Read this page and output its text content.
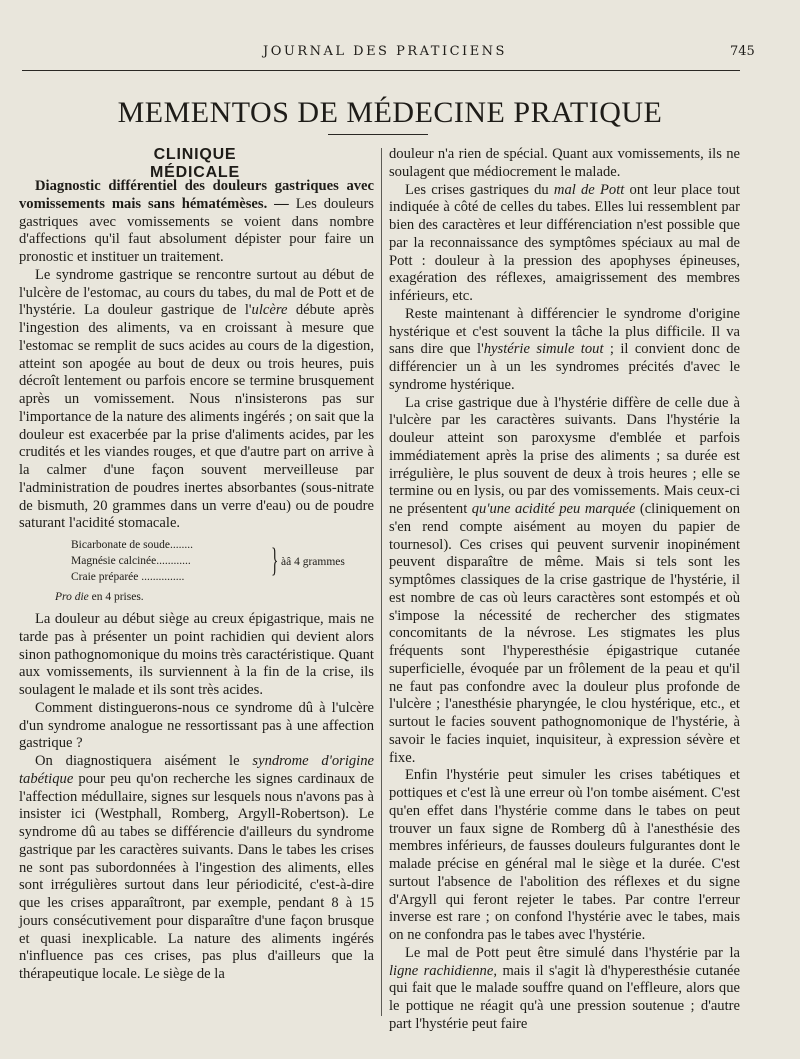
JOURNAL DES PRATICIENS	745
MEMENTOS DE MÉDECINE PRATIQUE
CLINIQUE MÉDICALE

Diagnostic différentiel des douleurs gastriques avec vomissements mais sans hématémèses. — Les douleurs gastriques avec vomissements se voient dans nombre d'affections qu'il faut absolument dépister pour faire un pronostic et instituer un traitement.

Le syndrome gastrique se rencontre surtout au début de l'ulcère de l'estomac, au cours du tabes, du mal de Pott et de l'hystérie. La douleur gastrique de l'ulcère débute après l'ingestion des aliments, va en croissant à mesure que l'estomac se remplit de sucs acides au cours de la digestion, atteint son apogée au bout de deux ou trois heures, puis décroît lentement ou parfois encore se termine brusquement après un vomissement. Nous n'insisterons pas sur l'importance de la nature des aliments ingérés ; on sait que la douleur est exacerbée par la prise d'aliments acides, par les crudités et les viandes rouges, et que d'autre part on arrive à la calmer d'une façon souvent merveilleuse par l'administration de poudres inertes absorbantes (sous-nitrate de bismuth, 20 grammes dans un verre d'eau) ou de poudre saturant l'acidité stomacale.

Bicarbonate de soude........
Magnésie calcinée............
Craie préparée ...............	} àâ 4 grammes
Pro die en 4 prises.

La douleur au début siège au creux épigastrique, mais ne tarde pas à présenter un point rachidien qui devient alors sinon pathognomonique du moins très caractéristique. Quant aux vomissements, ils surviennent à la fin de la crise, ils soulagent le malade et ils sont très acides.

Comment distinguerons-nous ce syndrome dû à l'ulcère d'un syndrome analogue ne ressortissant pas à une affection gastrique ?

On diagnostiquera aisément le syndrome d'origine tabétique pour peu qu'on recherche les signes cardinaux de l'affection médullaire, signes sur lesquels nous n'avons pas à insister ici (Westphall, Romberg, Argyll-Robertson). Le syndrome dû au tabes se différencie d'ailleurs du syndrome gastrique par les caractères suivants. Dans le tabes les crises ne sont pas subordonnées à l'ingestion des aliments, elles sont irrégulières surtout dans leur périodicité, c'est-à-dire que les crises apparaîtront, par exemple, pendant 8 à 15 jours consécutivement pour disparaître d'une façon brusque et quasi inexplicable. La nature des aliments ingérés n'influence pas ces crises, pas plus d'ailleurs que la thérapeutique locale. Le siège de la

douleur n'a rien de spécial. Quant aux vomissements, ils ne soulagent que médiocrement le malade.

Les crises gastriques du mal de Pott ont leur place tout indiquée à côté de celles du tabes. Elles lui ressemblent par bien des caractères et leur différenciation n'est possible que par la reconnaissance des symptômes spéciaux au mal de Pott : douleur à la pression des apophyses épineuses, exagération des réflexes, amaigrissement des membres inférieurs, etc.

Reste maintenant à différencier le syndrome d'origine hystérique et c'est souvent la tâche la plus difficile. Il va sans dire que l'hystérie simule tout ; il convient donc de différencier un à un les syndromes précités d'avec le syndrome hystérique.

La crise gastrique due à l'hystérie diffère de celle due à l'ulcère par les caractères suivants. Dans l'hystérie la douleur atteint son paroxysme d'emblée et parfois immédiatement après la prise des aliments ; sa durée est irrégulière, le plus souvent de deux à trois heures ; elle se termine ou en lysis, ou par des vomissements. Mais ceux-ci ne présentent qu'une acidité peu marquée (cliniquement on s'en rend compte aisément au moyen du papier de tournesol). Ces crises qui peuvent survenir inopinément peuvent disparaître de même. Mais si tels sont les symptômes classiques de la crise gastrique de l'hystérie, il est nombre de cas où leurs caractères sont estompés et où s'impose la nécessité de rechercher des stigmates concomitants de la névrose. Les stigmates les plus fréquents sont l'hyperesthésie épigastrique cutanée superficielle, évoquée par un frôlement de la peau et qu'il ne faut pas confondre avec la douleur plus profonde de l'ulcère ; l'anesthésie pharyngée, le clou hystérique, etc., et surtout le facies souvent pathognomonique de l'hystérie, à savoir le facies inquiet, inquisiteur, à expression sévère et fixe.

Enfin l'hystérie peut simuler les crises tabétiques et pottiques et c'est là une erreur où l'on tombe aisément. C'est qu'en effet dans l'hystérie comme dans le tabes on peut trouver un faux signe de Romberg dû à l'anesthésie des membres inférieurs, de fausses douleurs fulgurantes dont le malade précise en général mal le siège et la durée. C'est surtout l'absence de l'abolition des réflexes et du signe d'Argyll qui feront rejeter le tabes. Par contre l'erreur inverse est rare ; on confond l'hystérie avec le tabes, mais on ne confondra pas le tabes avec l'hystérie.

Le mal de Pott peut être simulé dans l'hystérie par la ligne rachidienne, mais il s'agit là d'hyperesthésie cutanée qui fait que le malade souffre quand on l'effleure, alors que le pottique ne réagit qu'à une pression soutenue ; d'autre part l'hystérie peut faire
